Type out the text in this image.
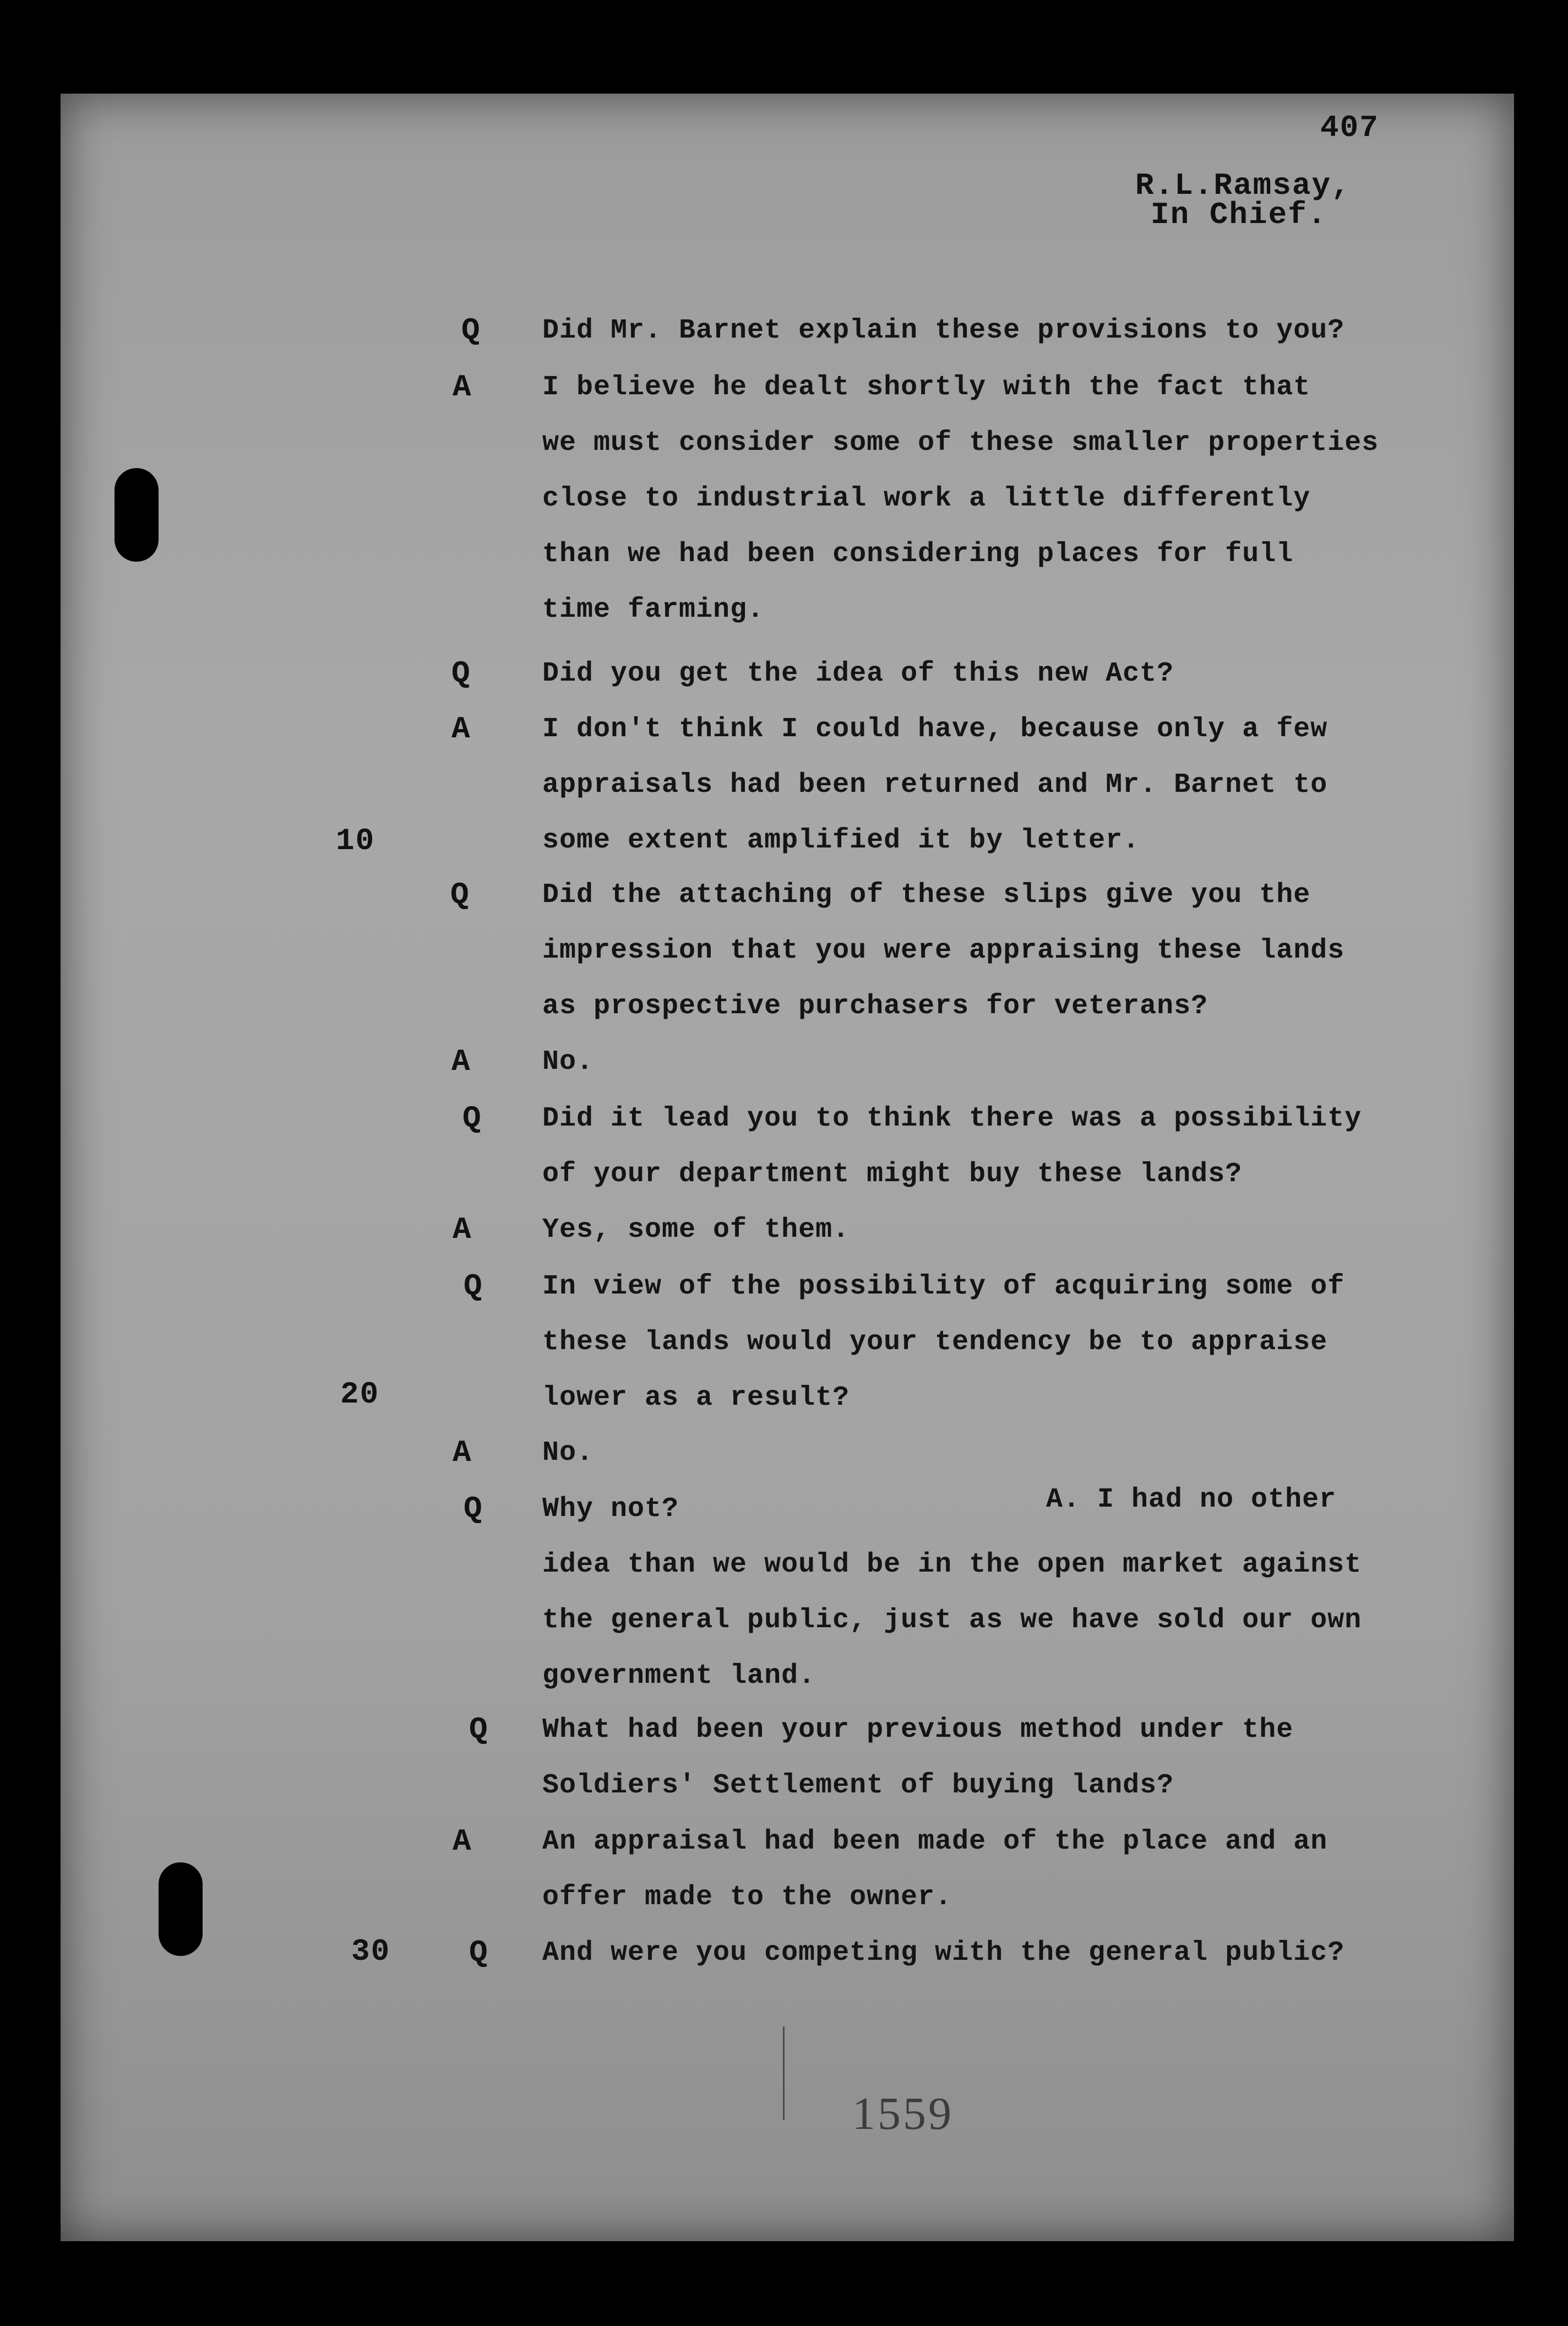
407
R.L.Ramsay,
In Chief.
10
20
30
Q Did Mr. Barnet explain these provisions to you?
A	I believe he dealt shortly with the fact that
we must consider some of these smaller properties
close to industrial work a little differently
than we had been considering places for full
time farming.
Q	Did you get the idea of this new Act?
A	I don't think I could have, because only a few
appraisals had been returned and Mr. Barnet to
some extent amplified it by letter.
Q	Did the attaching of these slips give you the
impression that you were appraising these lands
as prospective purchasers for veterans?
A	No.
Q Did it lead you to think there was a possibility
of your department might buy these lands?
A	Yes, some of them.
Q In view of the possibility of acquiring some of
these lands would your tendency be to appraise
lower as a result?
A	No.
Q Why not?
idea than we would be in the open market against
the general public, just as we have sold our own
government land.
Q What had been your previous method under the
Soldiers' Settlement of buying lands?
A	An appraisal had been made of the place and an
offer made to the owner.
Q And were you competing with the general public?
A. I had no other
1559
